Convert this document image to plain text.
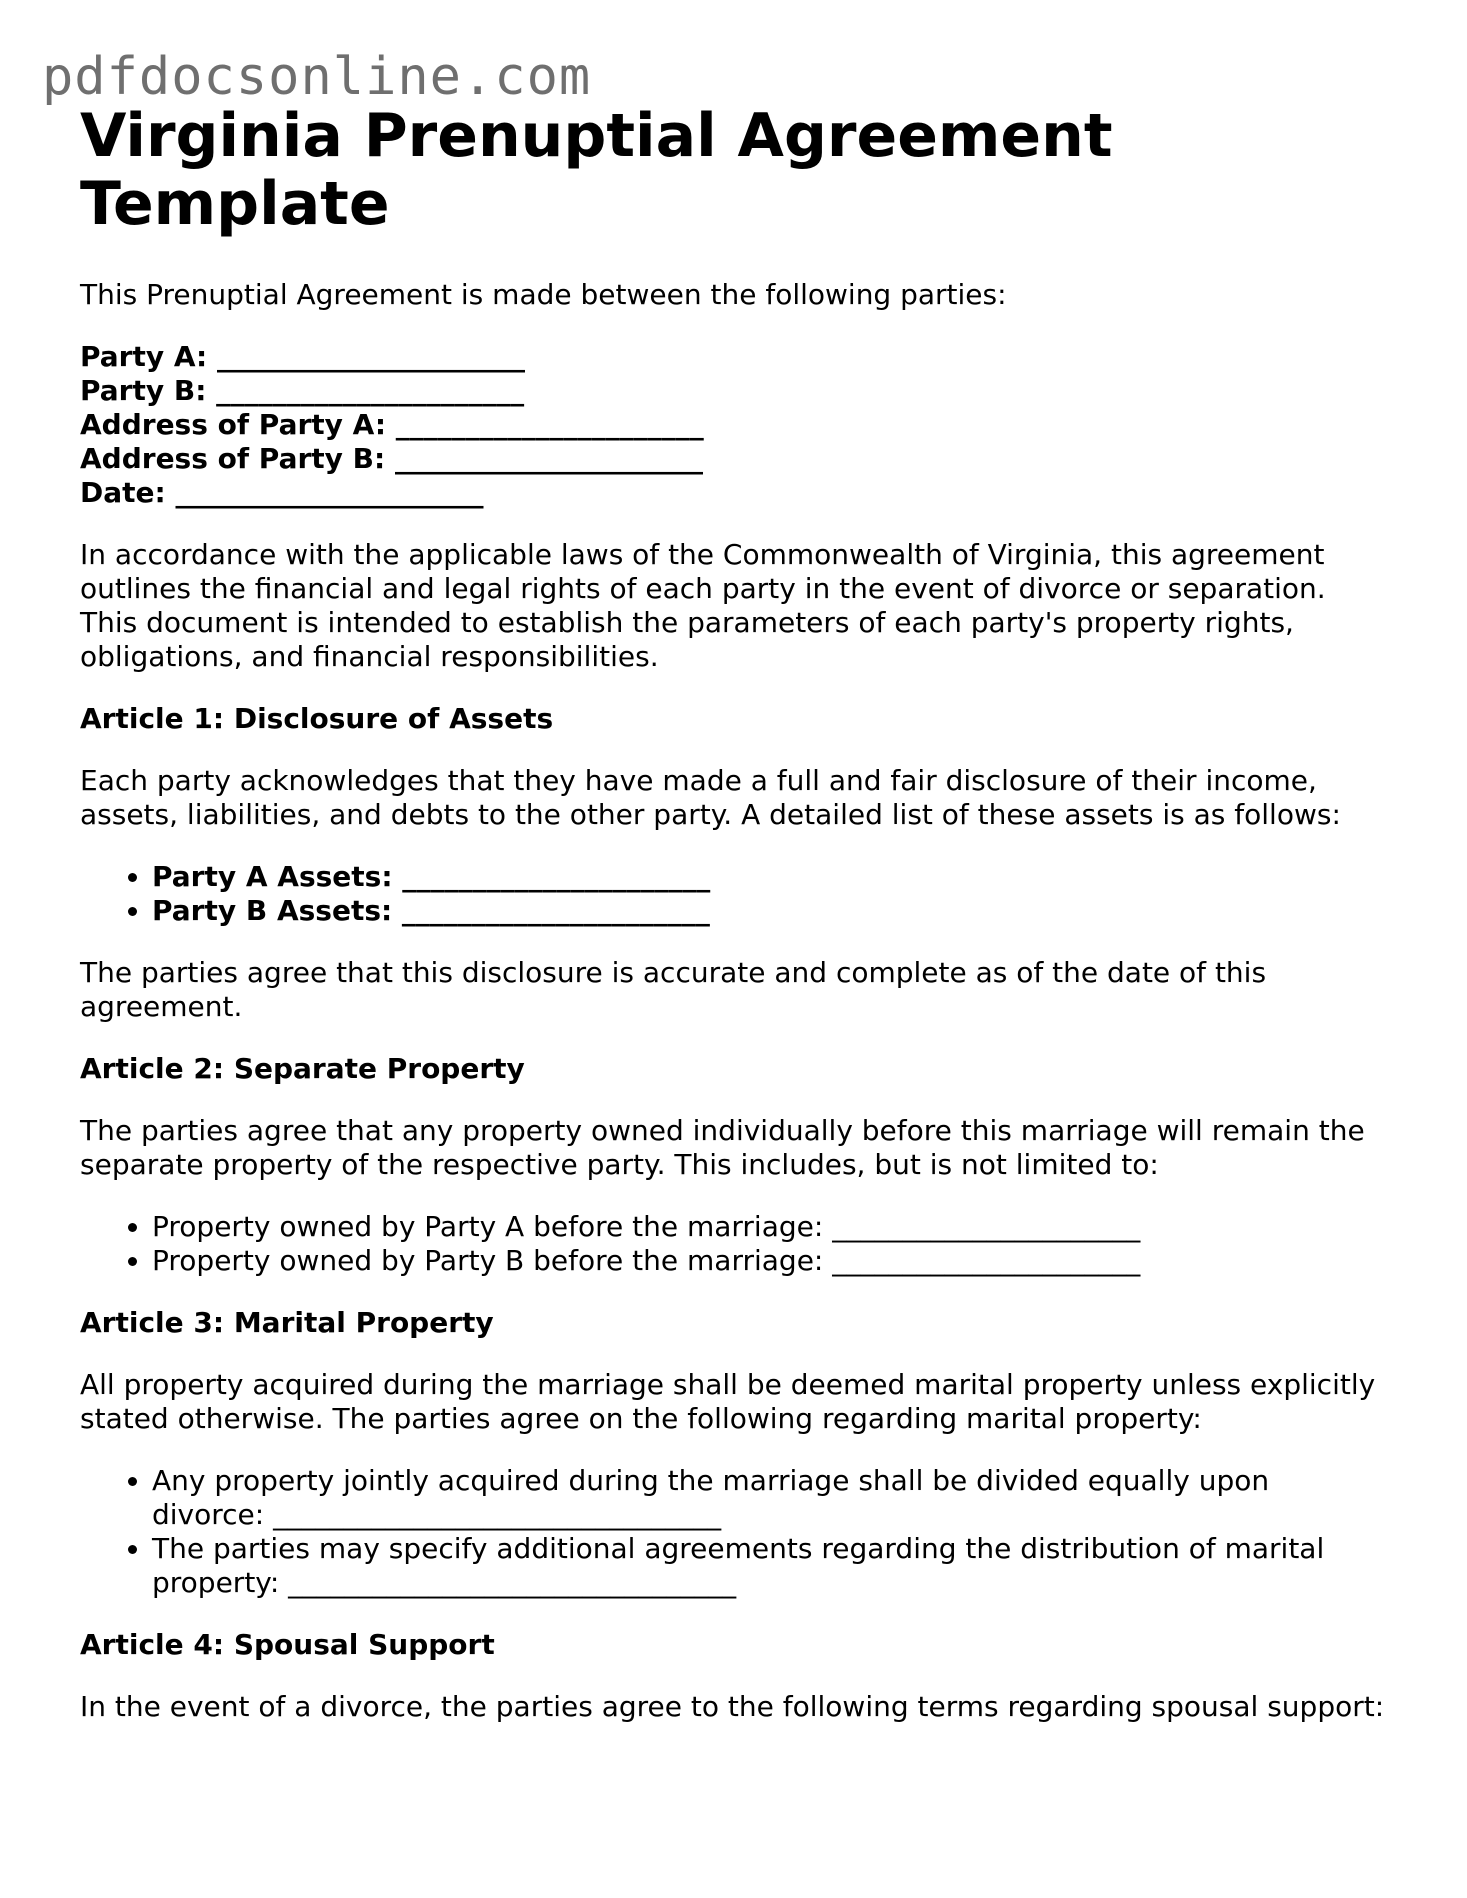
pdfdocsonline.com
Virginia Prenuptial Agreement Template

This Prenuptial Agreement is made between the following parties:

Party A: ______________________
Party B: ______________________
Address of Party A: ______________________
Address of Party B: ______________________
Date: ______________________

In accordance with the applicable laws of the Commonwealth of Virginia, this agreement outlines the financial and legal rights of each party in the event of divorce or separation. This document is intended to establish the parameters of each party's property rights, obligations, and financial responsibilities.

Article 1: Disclosure of Assets

Each party acknowledges that they have made a full and fair disclosure of their income, assets, liabilities, and debts to the other party. A detailed list of these assets is as follows:

• Party A Assets: ______________________
• Party B Assets: ______________________

The parties agree that this disclosure is accurate and complete as of the date of this agreement.

Article 2: Separate Property

The parties agree that any property owned individually before this marriage will remain the separate property of the respective party. This includes, but is not limited to:

• Property owned by Party A before the marriage: ______________________
• Property owned by Party B before the marriage: ______________________
Article 3: Marital Property

All property acquired during the marriage shall be deemed marital property unless explicitly stated otherwise. The parties agree on the following regarding marital property:

• Any property jointly acquired during the marriage shall be divided equally upon divorce: ________________________________
• The parties may specify additional agreements regarding the distribution of marital property: ________________________________
Article 4: Spousal Support

In the event of a divorce, the parties agree to the following terms regarding spousal support:
